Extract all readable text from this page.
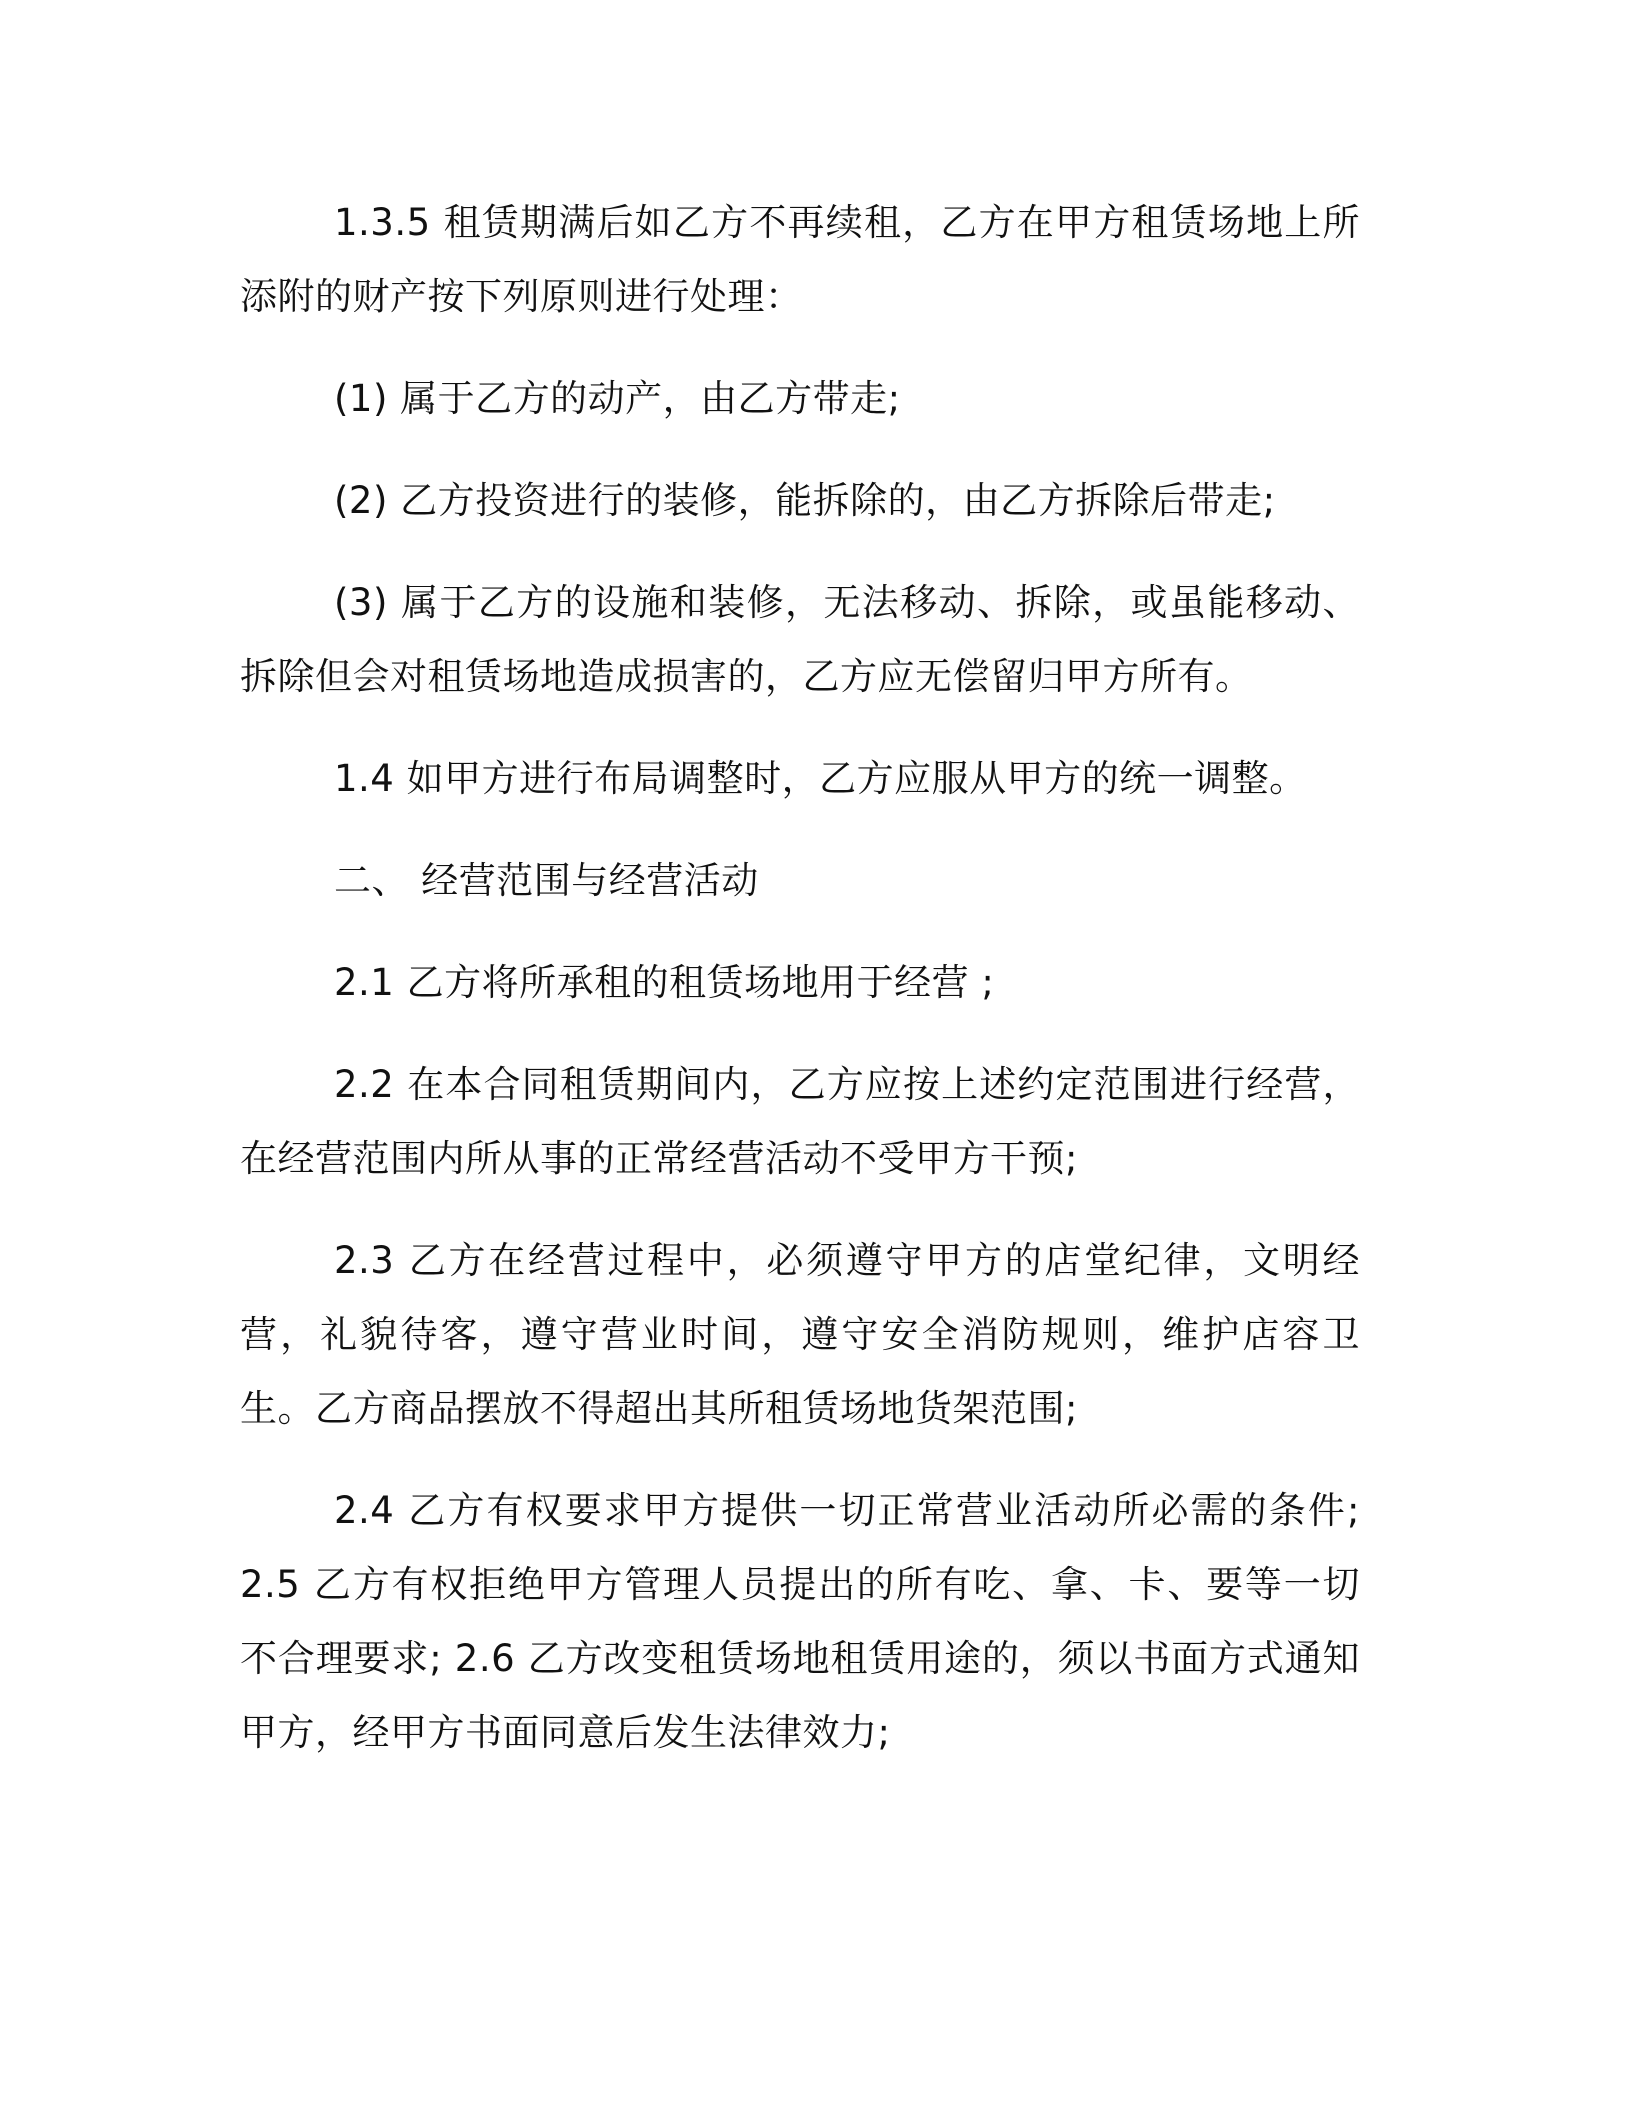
1.3.5 租赁期满后如乙方不再续租，乙方在甲方租赁场地上所添附的财产按下列原则进行处理：

(1) 属于乙方的动产，由乙方带走;

(2) 乙方投资进行的装修，能拆除的，由乙方拆除后带走;

(3) 属于乙方的设施和装修，无法移动、拆除，或虽能移动、拆除但会对租赁场地造成损害的，乙方应无偿留归甲方所有。

1.4 如甲方进行布局调整时，乙方应服从甲方的统一调整。

二、 经营范围与经营活动

2.1 乙方将所承租的租赁场地用于经营 ;

2.2 在本合同租赁期间内，乙方应按上述约定范围进行经营，在经营范围内所从事的正常经营活动不受甲方干预;

2.3 乙方在经营过程中，必须遵守甲方的店堂纪律，文明经营，礼貌待客，遵守营业时间，遵守安全消防规则，维护店容卫生。乙方商品摆放不得超出其所租赁场地货架范围;

2.4 乙方有权要求甲方提供一切正常营业活动所必需的条件; 2.5 乙方有权拒绝甲方管理人员提出的所有吃、拿、卡、要等一切不合理要求; 2.6 乙方改变租赁场地租赁用途的，须以书面方式通知甲方，经甲方书面同意后发生法律效力;
